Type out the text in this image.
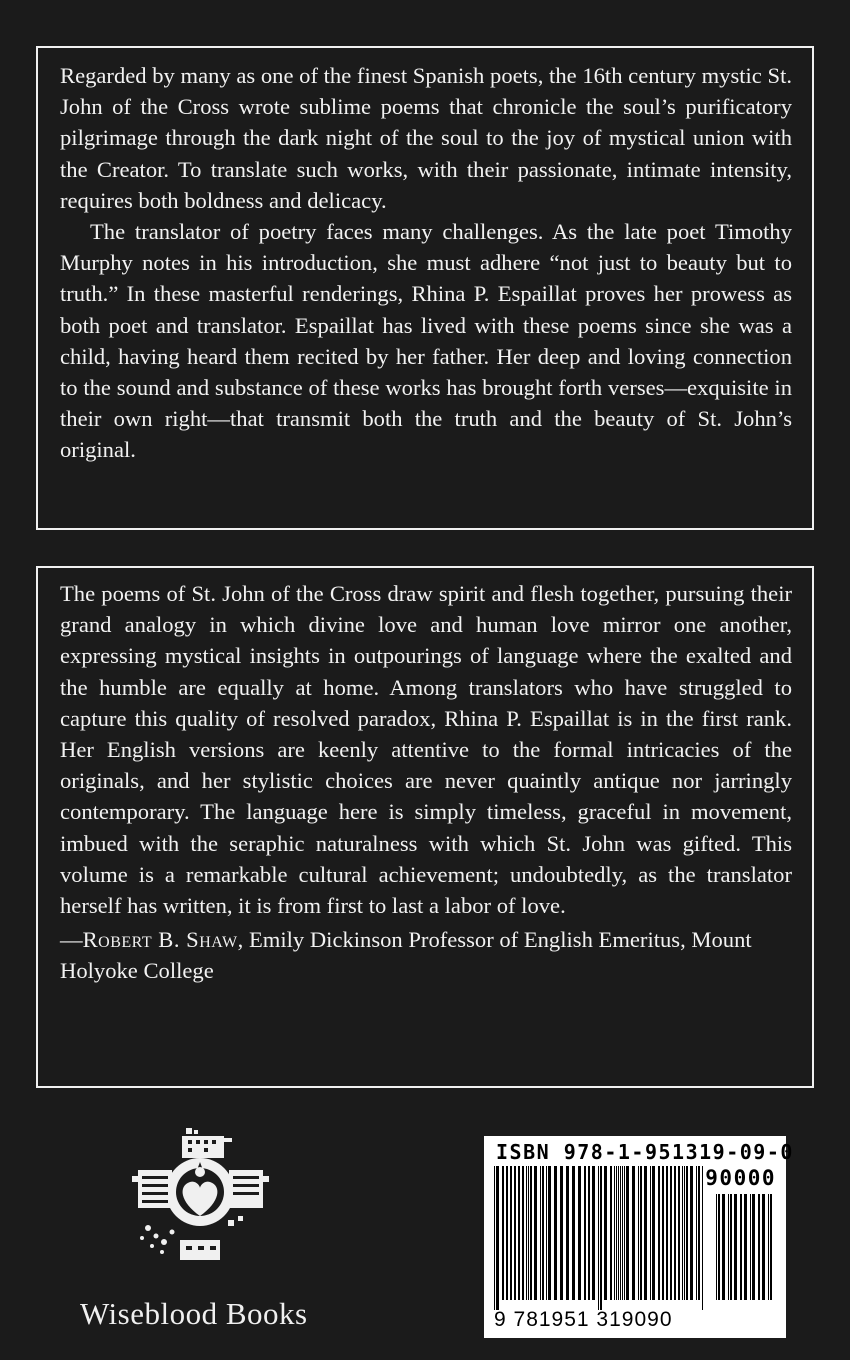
Regarded by many as one of the finest Spanish poets, the 16th century mystic St. John of the Cross wrote sublime poems that chronicle the soul’s purificatory pilgrimage through the dark night of the soul to the joy of mystical union with the Creator. To translate such works, with their passionate, intimate intensity, requires both boldness and delicacy.

The translator of poetry faces many challenges. As the late poet Timothy Murphy notes in his introduction, she must adhere “not just to beauty but to truth.” In these masterful renderings, Rhina P. Espaillat proves her prowess as both poet and translator. Espaillat has lived with these poems since she was a child, having heard them recited by her father. Her deep and loving connection to the sound and substance of these works has brought forth verses—exquisite in their own right—that transmit both the truth and the beauty of St. John’s original.

The poems of St. John of the Cross draw spirit and flesh together, pursuing their grand analogy in which divine love and human love mirror one another, expressing mystical insights in outpourings of language where the exalted and the humble are equally at home. Among translators who have struggled to capture this quality of resolved paradox, Rhina P. Espaillat is in the first rank. Her English versions are keenly attentive to the formal intricacies of the originals, and her stylistic choices are never quaintly antique nor jarringly contemporary. The language here is simply timeless, graceful in movement, imbued with the seraphic naturalness with which St. John was gifted. This volume is a remarkable cultural achievement; undoubtedly, as the translator herself has written, it is from first to last a labor of love.

—Robert B. Shaw, Emily Dickinson Professor of English Emeritus, Mount Holyoke College

Wiseblood Books
ISBN 978-1-951319-09-0
90000
9 781951 319090
